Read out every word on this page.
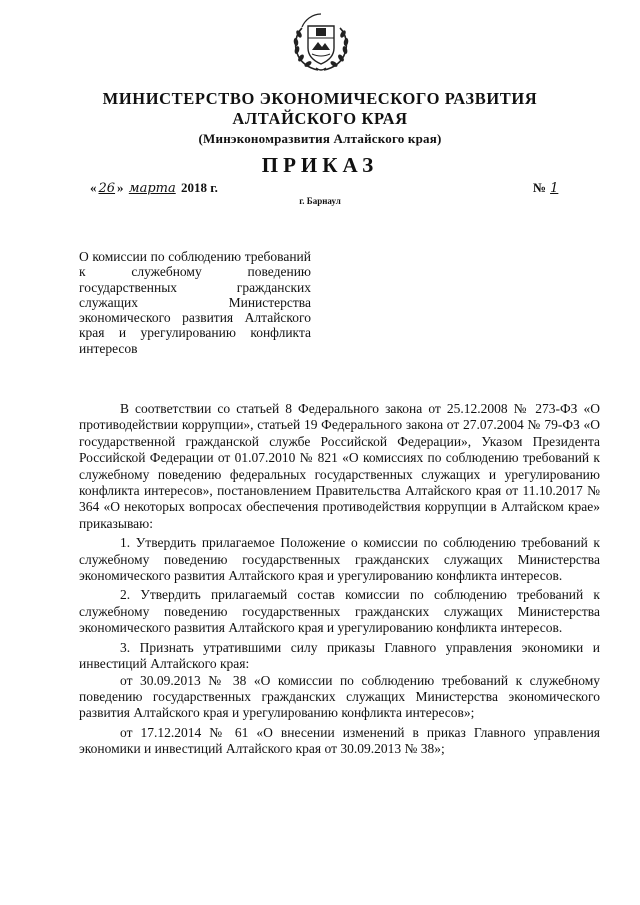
МИНИСТЕРСТВО ЭКОНОМИЧЕСКОГО РАЗВИТИЯ
АЛТАЙСКОГО КРАЯ
(Минэкономразвития Алтайского края)
ПРИКАЗ
« 26 » марта 2018 г.	№ 1
г. Барнаул
О комиссии по соблюдению требований к служебному поведению государственных гражданских служащих Министерства экономического развития Алтайского края и урегулированию конфликта интересов

В соответствии со статьей 8 Федерального закона от 25.12.2008 № 273-ФЗ «О противодействии коррупции», статьей 19 Федерального закона от 27.07.2004 № 79-ФЗ «О государственной гражданской службе Российской Федерации», Указом Президента Российской Федерации от 01.07.2010 № 821 «О комиссиях по соблюдению требований к служебному поведению федеральных государственных служащих и урегулированию конфликта интересов», постановлением Правительства Алтайского края от 11.10.2017 № 364 «О некоторых вопросах обеспечения противодействия коррупции в Алтайском крае» приказываю:

1. Утвердить прилагаемое Положение о комиссии по соблюдению требований к служебному поведению государственных гражданских служащих Министерства экономического развития Алтайского края и урегулированию конфликта интересов.

2. Утвердить прилагаемый состав комиссии по соблюдению требований к служебному поведению государственных гражданских служащих Министерства экономического развития Алтайского края и урегулированию конфликта интересов.

3. Признать утратившими силу приказы Главного управления экономики и инвестиций Алтайского края:

от 30.09.2013 № 38 «О комиссии по соблюдению требований к служебному поведению государственных гражданских служащих Министерства экономического развития Алтайского края и урегулированию конфликта интересов»;

от 17.12.2014 № 61 «О внесении изменений в приказ Главного управления экономики и инвестиций Алтайского края от 30.09.2013 № 38»;
